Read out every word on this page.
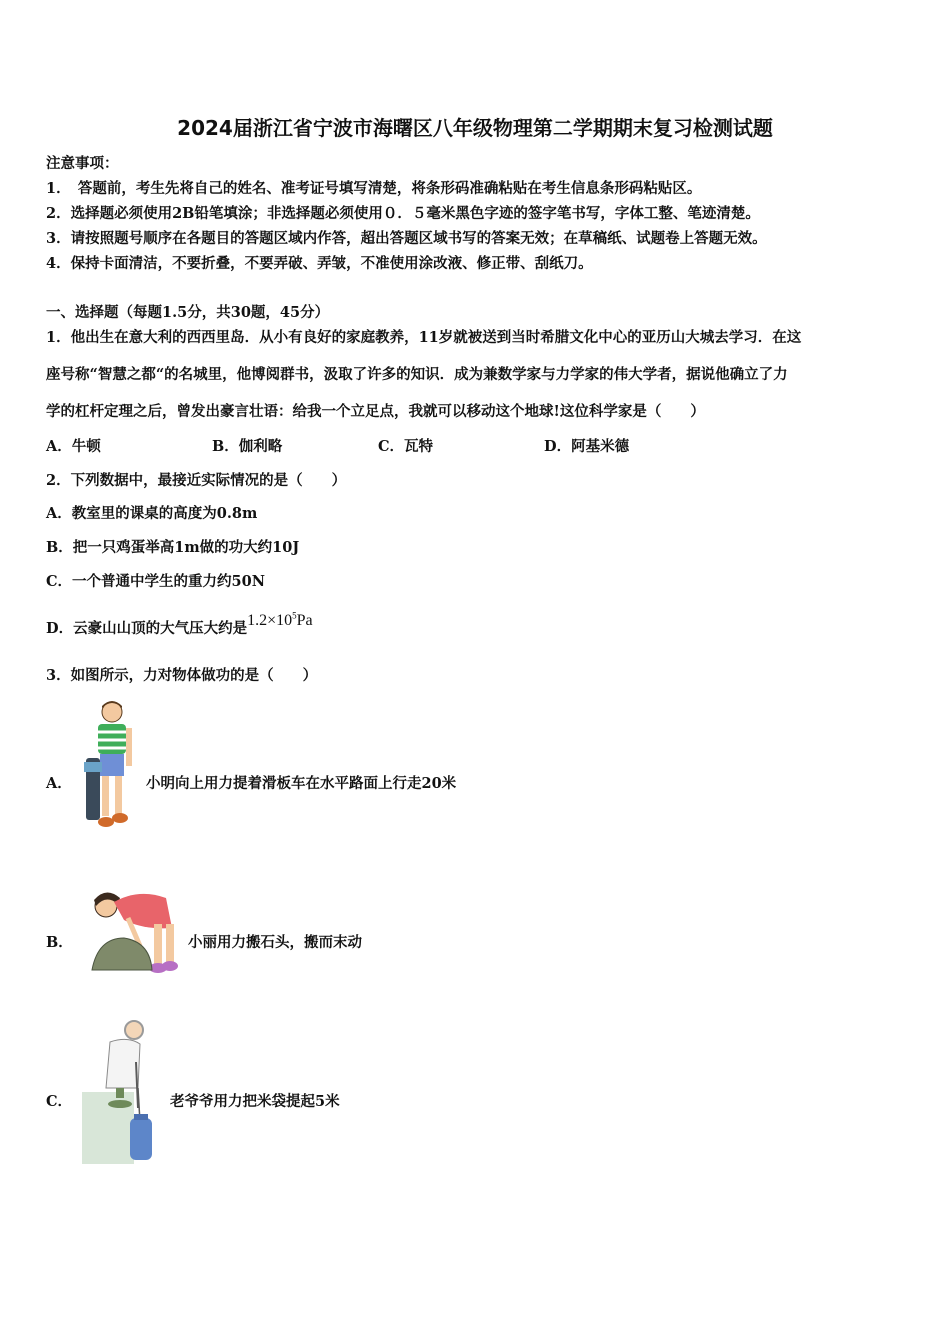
2024届浙江省宁波市海曙区八年级物理第二学期期末复习检测试题
注意事项：
1．　答题前，考生先将自己的姓名、准考证号填写清楚，将条形码准确粘贴在考生信息条形码粘贴区。
2．选择题必须使用2B铅笔填涂；非选择题必须使用０．５毫米黑色字迹的签字笔书写，字体工整、笔迹清楚。
3．请按照题号顺序在各题目的答题区域内作答，超出答题区域书写的答案无效；在草稿纸、试题卷上答题无效。
4．保持卡面清洁，不要折叠，不要弄破、弄皱，不准使用涂改液、修正带、刮纸刀。
一、选择题（每题1.5分，共30题，45分）
1．他出生在意大利的西西里岛．从小有良好的家庭教养，11岁就被送到当时希腊文化中心的亚历山大城去学习．在这
座号称“智慧之都“的名城里，他博阅群书，汲取了许多的知识．成为兼数学家与力学家的伟大学者，据说他确立了力
学的杠杆定理之后，曾发出豪言壮语：给我一个立足点，我就可以移动这个地球!这位科学家是（　　）
A．牛顿	B．伽利略	C．瓦特	D．阿基米德
2．下列数据中，最接近实际情况的是（　　）
A．教室里的课桌的高度为0.8m
B．把一只鸡蛋举高1m做的功大约10J
C．一个普通中学生的重力约50N
D．云豪山山顶的大气压大约是$1.2\times 10^5Pa$
3．如图所示，力对物体做功的是（　　）
A．	小明向上用力提着滑板车在水平路面上行走20米
B．	小丽用力搬石头，搬而末动
C．	老爷爷用力把米袋提起5米
